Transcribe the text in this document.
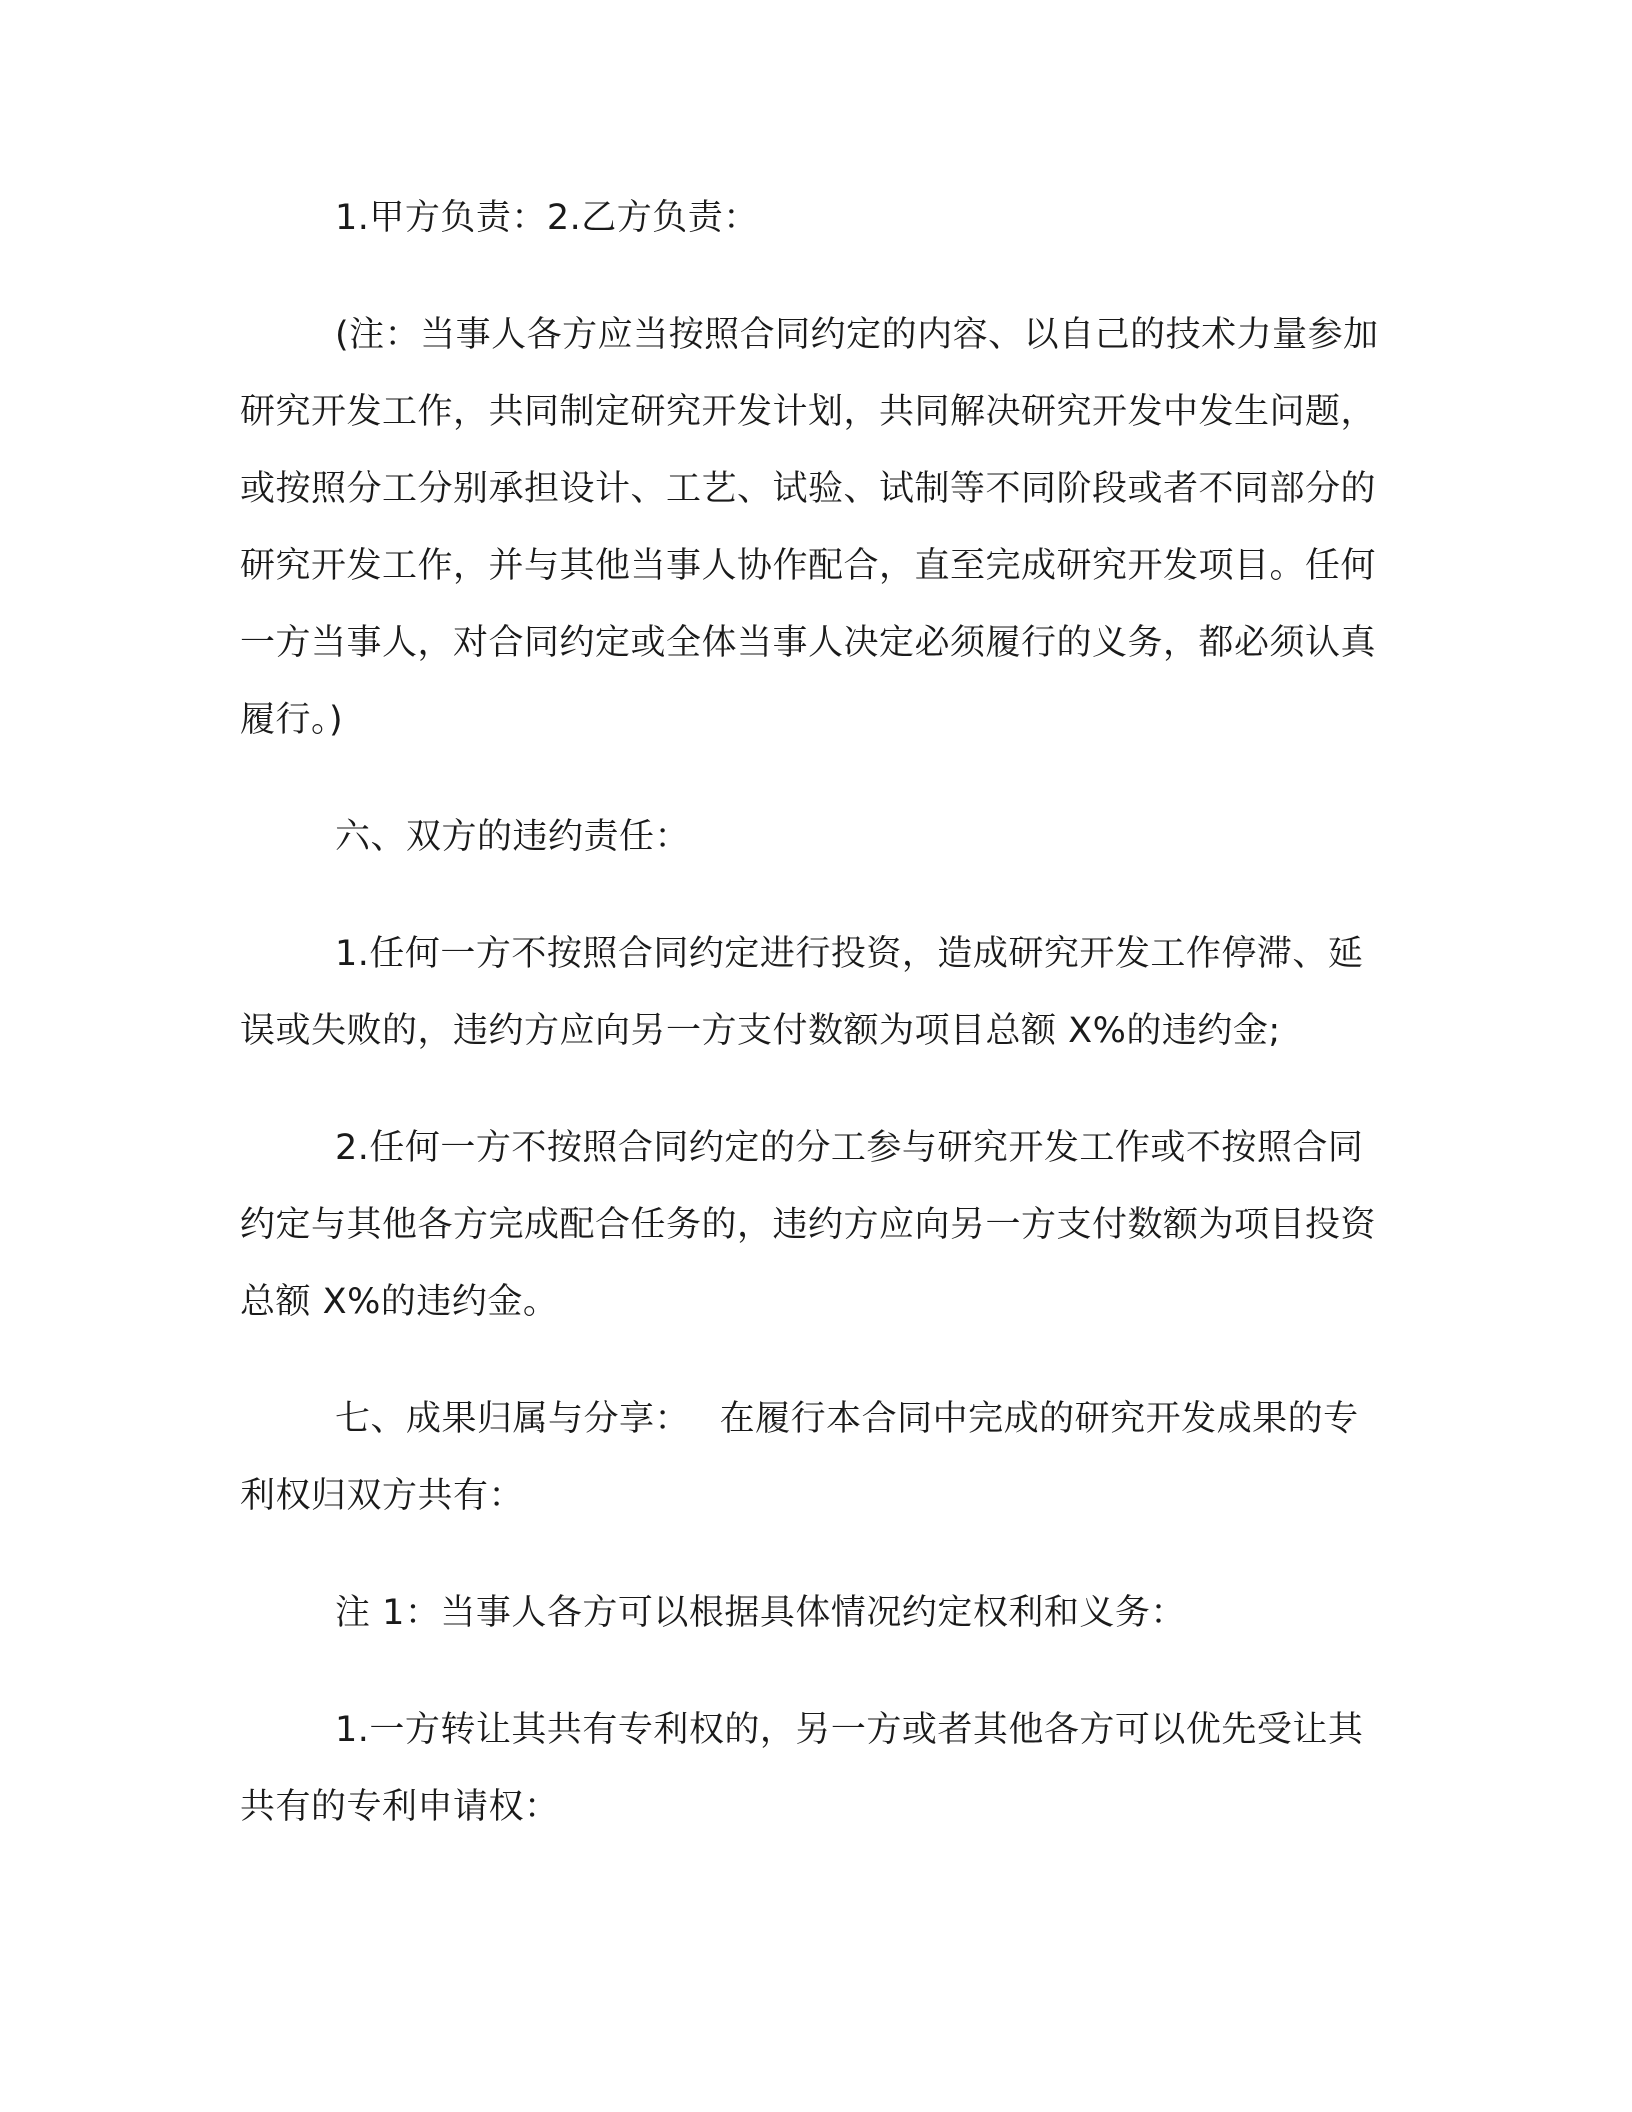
1.甲方负责：2.乙方负责：

(注：当事人各方应当按照合同约定的内容、以自己的技术力量参加研究开发工作，共同制定研究开发计划，共同解决研究开发中发生问题，或按照分工分别承担设计、工艺、试验、试制等不同阶段或者不同部分的研究开发工作，并与其他当事人协作配合，直至完成研究开发项目。任何一方当事人，对合同约定或全体当事人决定必须履行的义务，都必须认真履行。)

六、双方的违约责任：

1.任何一方不按照合同约定进行投资，造成研究开发工作停滞、延误或失败的，违约方应向另一方支付数额为项目总额 X%的违约金;

2.任何一方不按照合同约定的分工参与研究开发工作或不按照合同约定与其他各方完成配合任务的，违约方应向另一方支付数额为项目投资总额 X%的违约金。

七、成果归属与分享：　 在履行本合同中完成的研究开发成果的专利权归双方共有：

注 1：当事人各方可以根据具体情况约定权利和义务：

1.一方转让其共有专利权的，另一方或者其他各方可以优先受让其共有的专利申请权：
